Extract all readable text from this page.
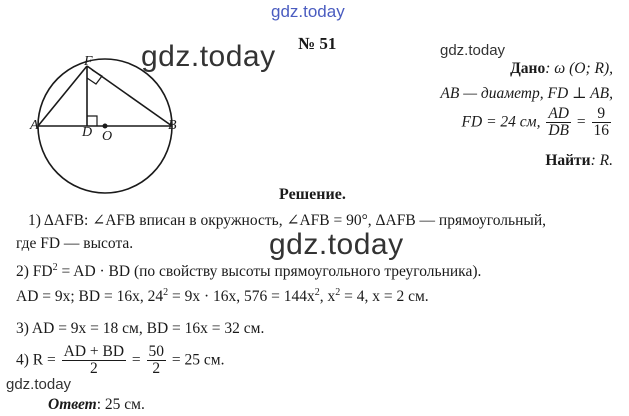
gdz.today
gdz.today	gdz.today
gdz.today
gdz.today
№ 51
F
A	D O
B
Дано: ω (O; R),
AB — диаметр, FD ⊥ AB,
FD = 24 см, $\frac{AD}{DB} = \frac{9}{16}$
Найти: R.
Решение.
1) ΔAFB: ∠AFB вписан в окружность, ∠AFB = 90°, ΔAFB — прямоугольный,
где FD — высота.
2) $FD^2$ = AD · BD (по свойству высоты прямоугольного треугольника).
AD = 9x; BD = 16x, $24^2 = 9x \cdot 16x$, $576 = 144x^2$, $x^2 = 4$, x = 2 см.
3) AD = 9x = 18 см, BD = 16x = 32 см.
4) $R = \frac{AD + BD}{2} = \frac{50}{2} = 25$ см.
Ответ: 25 см.
